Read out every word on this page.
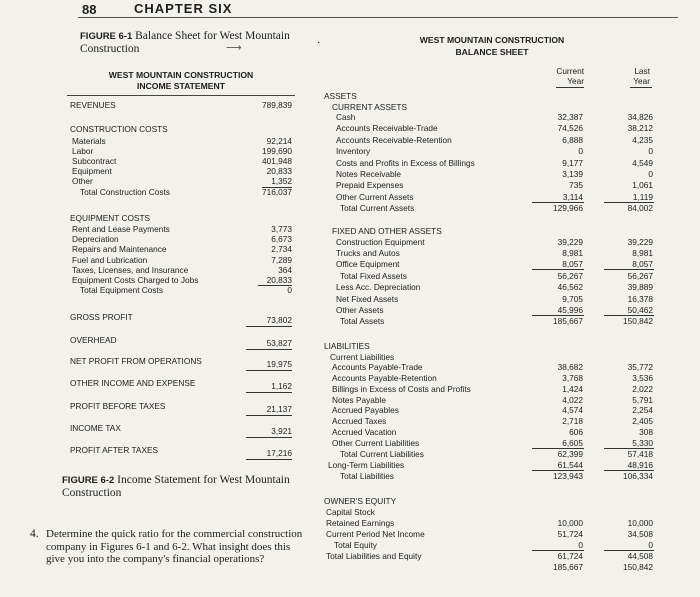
88	CHAPTER SIX
FIGURE 6-1 Balance Sheet for West Mountain
Construction	⟶
.
WEST MOUNTAIN CONSTRUCTION
INCOME STATEMENT
REVENUES	789,839
CONSTRUCTION COSTS
Materials	92,214
Labor	199,690
Subcontract	401,948
Equipment	20,833
Other	1,352
Total Construction Costs	716,037
EQUIPMENT COSTS
Rent and Lease Payments	3,773
Depreciation	6,673
Repairs and Maintenance	2,734
Fuel and Lubrication	7,289
Taxes, Licenses, and Insurance	364
Equipment Costs Charged to Jobs	20,833
Total Equipment Costs	0
GROSS PROFIT	73,802
OVERHEAD	53,827
NET PROFIT FROM OPERATIONS	19,975
OTHER INCOME AND EXPENSE	1,162
PROFIT BEFORE TAXES	21,137
INCOME TAX	3,921
PROFIT AFTER TAXES	17,216
FIGURE 6-2 Income Statement for West Mountain
Construction
WEST MOUNTAIN CONSTRUCTION
BALANCE SHEET
Current
Year
Last
Year
ASSETS
CURRENT ASSETS
Cash	32,387	34,826
Accounts Receivable-Trade	74,526	38,212
Accounts Receivable-Retention	6,888	4,235
Inventory	0	0
Costs and Profits in Excess of Billings	9,177	4,549
Notes Receivable	3,139	0
Prepaid Expenses	735	1,061
Other Current Assets	3,114	1,119
Total Current Assets	129,966	84,002
FIXED AND OTHER ASSETS
Construction Equipment	39,229	39,229
Trucks and Autos	8,981	8,981
Office Equipment	8,057	8,057
Total Fixed Assets	56,267	56,267
Less Acc. Depreciation	46,562	39,889
Net Fixed Assets	9,705	16,378
Other Assets	45,996	50,462
Total Assets	185,667	150,842
LIABILITIES
Current Liabilities
Accounts Payable-Trade	38,682	35,772
Accounts Payable-Retention	3,768	3,536
Billings in Excess of Costs and Profits	1,424	2,022
Notes Payable	4,022	5,791
Accrued Payables	4,574	2,254
Accrued Taxes	2,718	2,405
Accrued Vacation	606	308
Other Current Liabilities	6,605	5,330
Total Current Liabilities	62,399	57,418
Long-Term Liabilities	61,544	48,916
Total Liabilities	123,943	106,334
OWNER'S EQUITY
Capital Stock
Retained Earnings	10,000	10,000
Current Period Net Income	51,724	34,508
Total Equity	0	0
Total Liabilities and Equity	61,724	44,508
185,667	150,842
4. Determine the quick ratio for the commercial construction company in Figures 6-1 and 6-2. What insight does this give you into the company's financial operations?
